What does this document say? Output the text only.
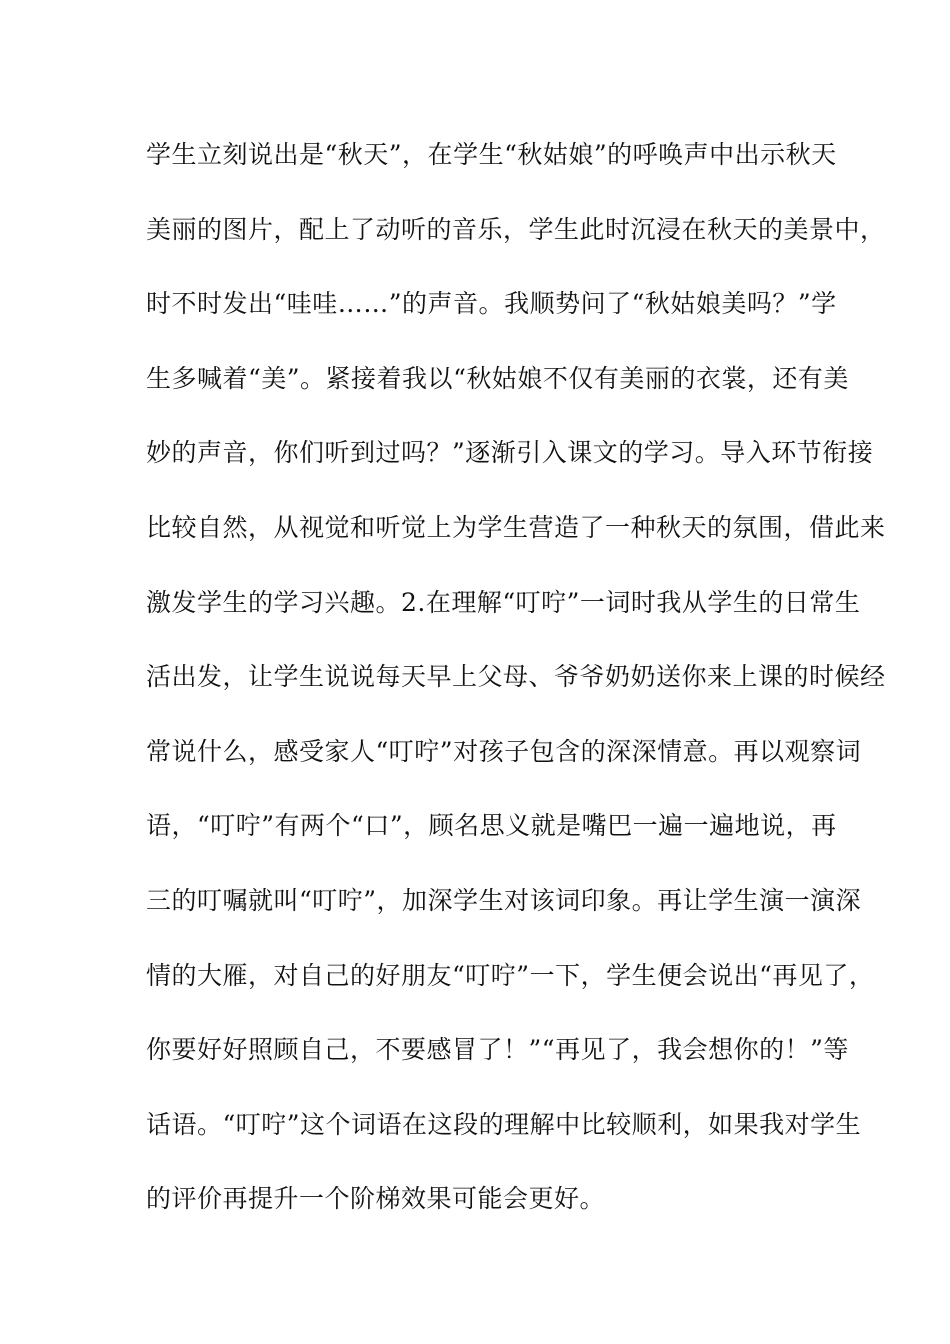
学生立刻说出是“秋天”，在学生“秋姑娘”的呼唤声中出示秋天
美丽的图片，配上了动听的音乐，学生此时沉浸在秋天的美景中，
时不时发出“哇哇……”的声音。我顺势问了“秋姑娘美吗？”学
生多喊着“美”。紧接着我以“秋姑娘不仅有美丽的衣裳，还有美
妙的声音，你们听到过吗？”逐渐引入课文的学习。导入环节衔接
比较自然，从视觉和听觉上为学生营造了一种秋天的氛围，借此来
激发学生的学习兴趣。2.在理解“叮咛”一词时我从学生的日常生
活出发，让学生说说每天早上父母、爷爷奶奶送你来上课的时候经
常说什么，感受家人“叮咛”对孩子包含的深深情意。再以观察词
语，“叮咛”有两个“口”，顾名思义就是嘴巴一遍一遍地说，再
三的叮嘱就叫“叮咛”，加深学生对该词印象。再让学生演一演深
情的大雁，对自己的好朋友“叮咛”一下，学生便会说出“再见了，
你要好好照顾自己，不要感冒了！”“再见了，我会想你的！”等
话语。“叮咛”这个词语在这段的理解中比较顺利，如果我对学生
的评价再提升一个阶梯效果可能会更好。
